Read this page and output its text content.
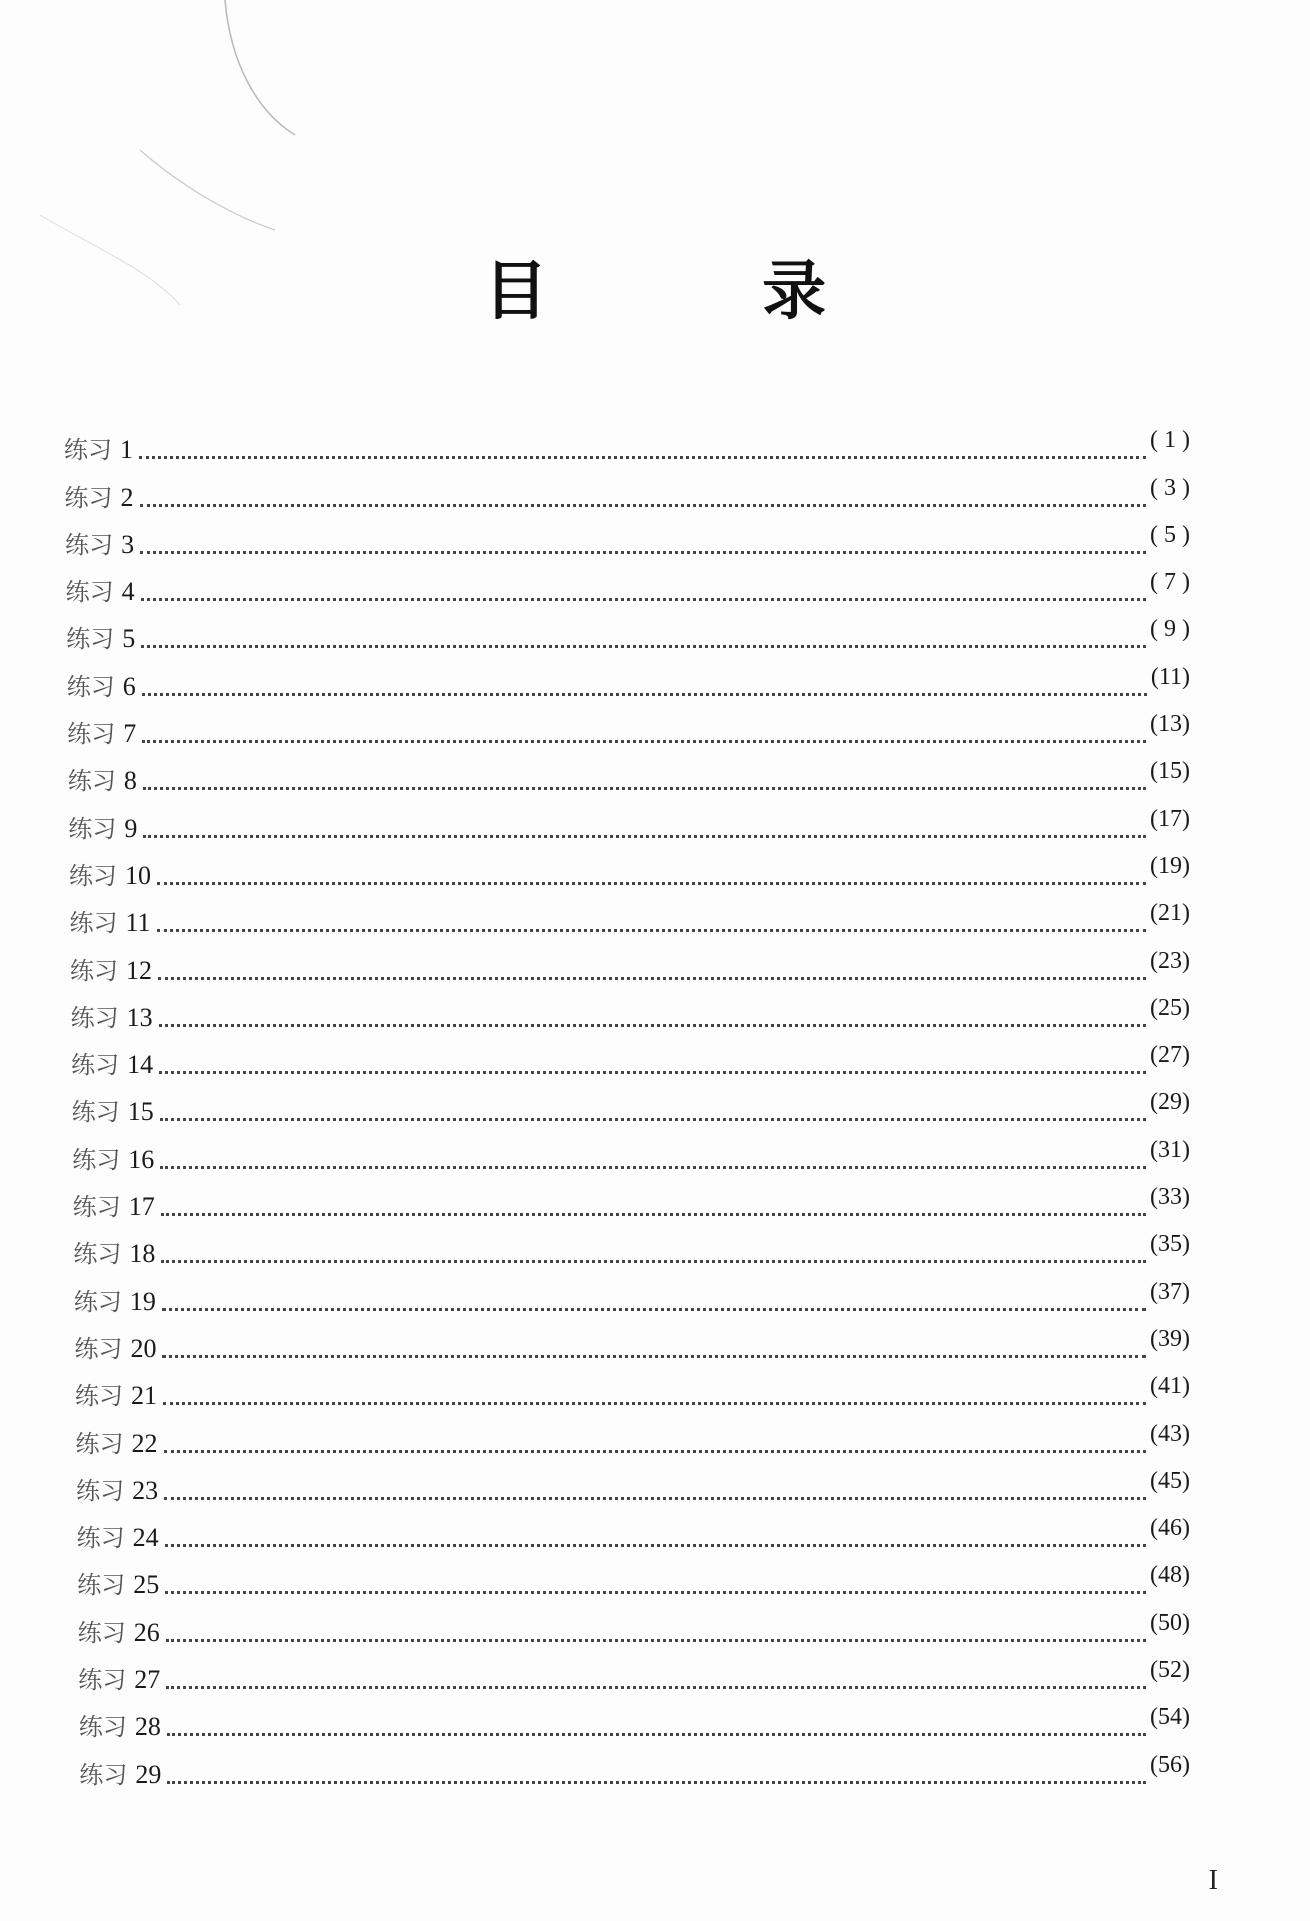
目 录
练习 1	( 1 )
练习 2	( 3 )
练习 3	( 5 )
练习 4	( 7 )
练习 5	( 9 )
练习 6	(11)
练习 7	(13)
练习 8	(15)
练习 9	(17)
练习 10	(19)
练习 11	(21)
练习 12	(23)
练习 13	(25)
练习 14	(27)
练习 15	(29)
练习 16	(31)
练习 17	(33)
练习 18	(35)
练习 19	(37)
练习 20	(39)
练习 21	(41)
练习 22	(43)
练习 23	(45)
练习 24	(46)
练习 25	(48)
练习 26	(50)
练习 27	(52)
练习 28	(54)
练习 29	(56)
I
